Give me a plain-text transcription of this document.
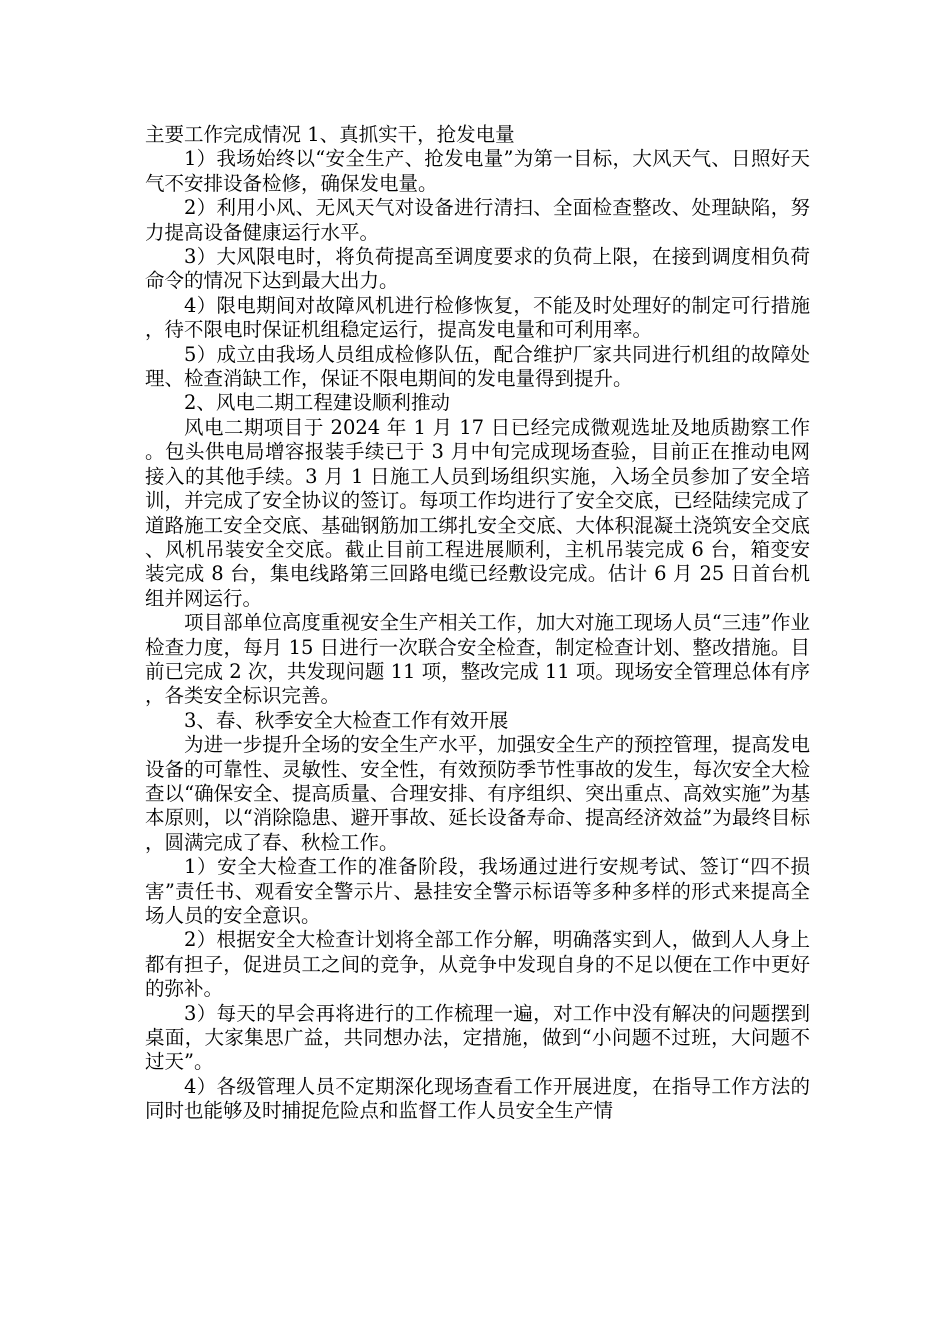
主要工作完成情况 1、真抓实干，抢发电量

1）我场始终以“安全生产、抢发电量”为第一目标，大风天气、日照好天气不安排设备检修，确保发电量。

2）利用小风、无风天气对设备进行清扫、全面检查整改、处理缺陷，努力提高设备健康运行水平。

3）大风限电时，将负荷提高至调度要求的负荷上限，在接到调度相负荷命令的情况下达到最大出力。

4）限电期间对故障风机进行检修恢复，不能及时处理好的制定可行措施，待不限电时保证机组稳定运行，提高发电量和可利用率。

5）成立由我场人员组成检修队伍，配合维护厂家共同进行机组的故障处理、检查消缺工作，保证不限电期间的发电量得到提升。

2、风电二期工程建设顺利推动

风电二期项目于 2024 年 1 月 17 日已经完成微观选址及地质勘察工作。包头供电局增容报装手续已于 3 月中旬完成现场查验，目前正在推动电网接入的其他手续。3 月 1 日施工人员到场组织实施，入场全员参加了安全培训，并完成了安全协议的签订。每项工作均进行了安全交底，已经陆续完成了道路施工安全交底、基础钢筋加工绑扎安全交底、大体积混凝土浇筑安全交底、风机吊装安全交底。截止目前工程进展顺利，主机吊装完成 6 台，箱变安装完成 8 台，集电线路第三回路电缆已经敷设完成。估计 6 月 25 日首台机组并网运行。

项目部单位高度重视安全生产相关工作，加大对施工现场人员“三违”作业检查力度，每月 15 日进行一次联合安全检查，制定检查计划、整改措施。目前已完成 2 次，共发现问题 11 项，整改完成 11 项。现场安全管理总体有序，各类安全标识完善。

3、春、秋季安全大检查工作有效开展

为进一步提升全场的安全生产水平，加强安全生产的预控管理，提高发电设备的可靠性、灵敏性、安全性，有效预防季节性事故的发生，每次安全大检查以“确保安全、提高质量、合理安排、有序组织、突出重点、高效实施”为基本原则，以“消除隐患、避开事故、延长设备寿命、提高经济效益”为最终目标，圆满完成了春、秋检工作。

1）安全大检查工作的准备阶段，我场通过进行安规考试、签订“四不损害”责任书、观看安全警示片、悬挂安全警示标语等多种多样的形式来提高全场人员的安全意识。

2）根据安全大检查计划将全部工作分解，明确落实到人，做到人人身上都有担子，促进员工之间的竞争，从竞争中发现自身的不足以便在工作中更好的弥补。

3）每天的早会再将进行的工作梳理一遍，对工作中没有解决的问题摆到桌面，大家集思广益，共同想办法，定措施，做到“小问题不过班，大问题不过天”。

4）各级管理人员不定期深化现场查看工作开展进度，在指导工作方法的同时也能够及时捕捉危险点和监督工作人员安全生产情
